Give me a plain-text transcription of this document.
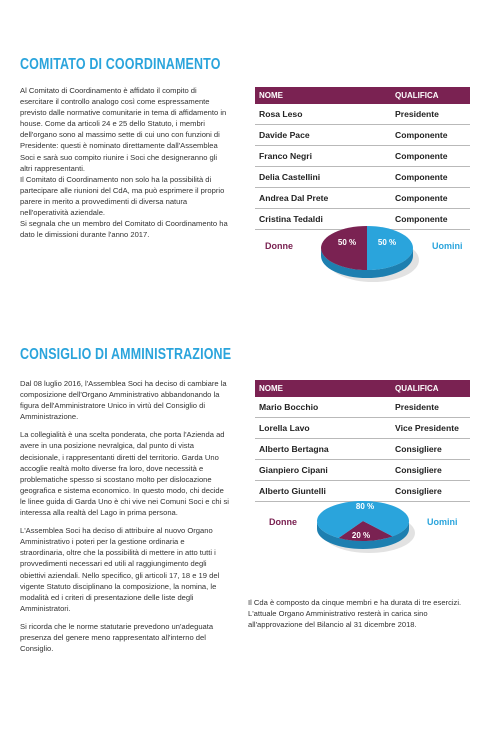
COMITATO DI COORDINAMENTO

Al Comitato di Coordinamento è affidato il compito di esercitare il controllo analogo così come espressamente previsto dalle normative comunitarie in tema di affidamento in house. Come da articoli 24 e 25 dello Statuto, i membri dell'organo sono al massimo sette di cui uno con funzioni di Presidente: questi è nominato direttamente dall'Assemblea Soci e sarà suo compito riunire i Soci che designeranno gli altri rappresentanti.

Il Comitato di Coordinamento non solo ha la possibilità di partecipare alle riunioni del CdA, ma può esprimere il proprio parere in merito a provvedimenti di diversa natura nell'operatività aziendale.

Si segnala che un membro del Comitato di Coordinamento ha dato le dimissioni durante l'anno 2017.

NOME	QUALIFICA
Rosa Leso	Presidente
Davide Pace	Componente
Franco Negri	Componente
Delia Castellini	Componente
Andrea Dal Prete	Componente
Cristina Tedaldi	Componente
Donne	Uomini
50 %	50 %
CONSIGLIO DI AMMINISTRAZIONE

Dal 08 luglio 2016, l'Assemblea Soci ha deciso di cambiare la composizione dell'Organo Amministrativo abbandonando la figura dell'Amministratore Unico in virtù del Consiglio di Amministrazione.

La collegialità è una scelta ponderata, che porta l'Azienda ad avere in una posizione nevralgica, dal punto di vista decisionale, i rappresentanti diretti del territorio. Garda Uno accoglie realtà molto diverse fra loro, dove necessità e problematiche spesso si scostano molto per dislocazione geografica e sistema economico. In questo modo, chi decide le linee guida di Garda Uno è chi vive nei Comuni Soci e chi si interessa alla realtà del Lago in prima persona.

L'Assemblea Soci ha deciso di attribuire al nuovo Organo Amministrativo i poteri per la gestione ordinaria e straordinaria, oltre che la possibilità di mettere in atto tutti i provvedimenti necessari ed utili al raggiungimento degli obiettivi aziendali. Nello specifico, gli articoli 17, 18 e 19 del vigente Statuto disciplinano la composizione, la nomina, le modalità ed i criteri di presentazione delle liste degli Amministratori.

Si ricorda che le norme statutarie prevedono un'adeguata presenza del genere meno rappresentato all'interno del Consiglio.

NOME	QUALIFICA
Mario Bocchio	Presidente
Lorella Lavo	Vice Presidente
Alberto Bertagna	Consigliere
Gianpiero Cipani	Consigliere
Alberto Giuntelli	Consigliere
Donne	Uomini
80 %
20 %

Il Cda è composto da cinque membri e ha durata di tre esercizi.

L'attuale Organo Amministrativo resterà in carica sino all'approvazione del Bilancio al 31 dicembre 2018.
